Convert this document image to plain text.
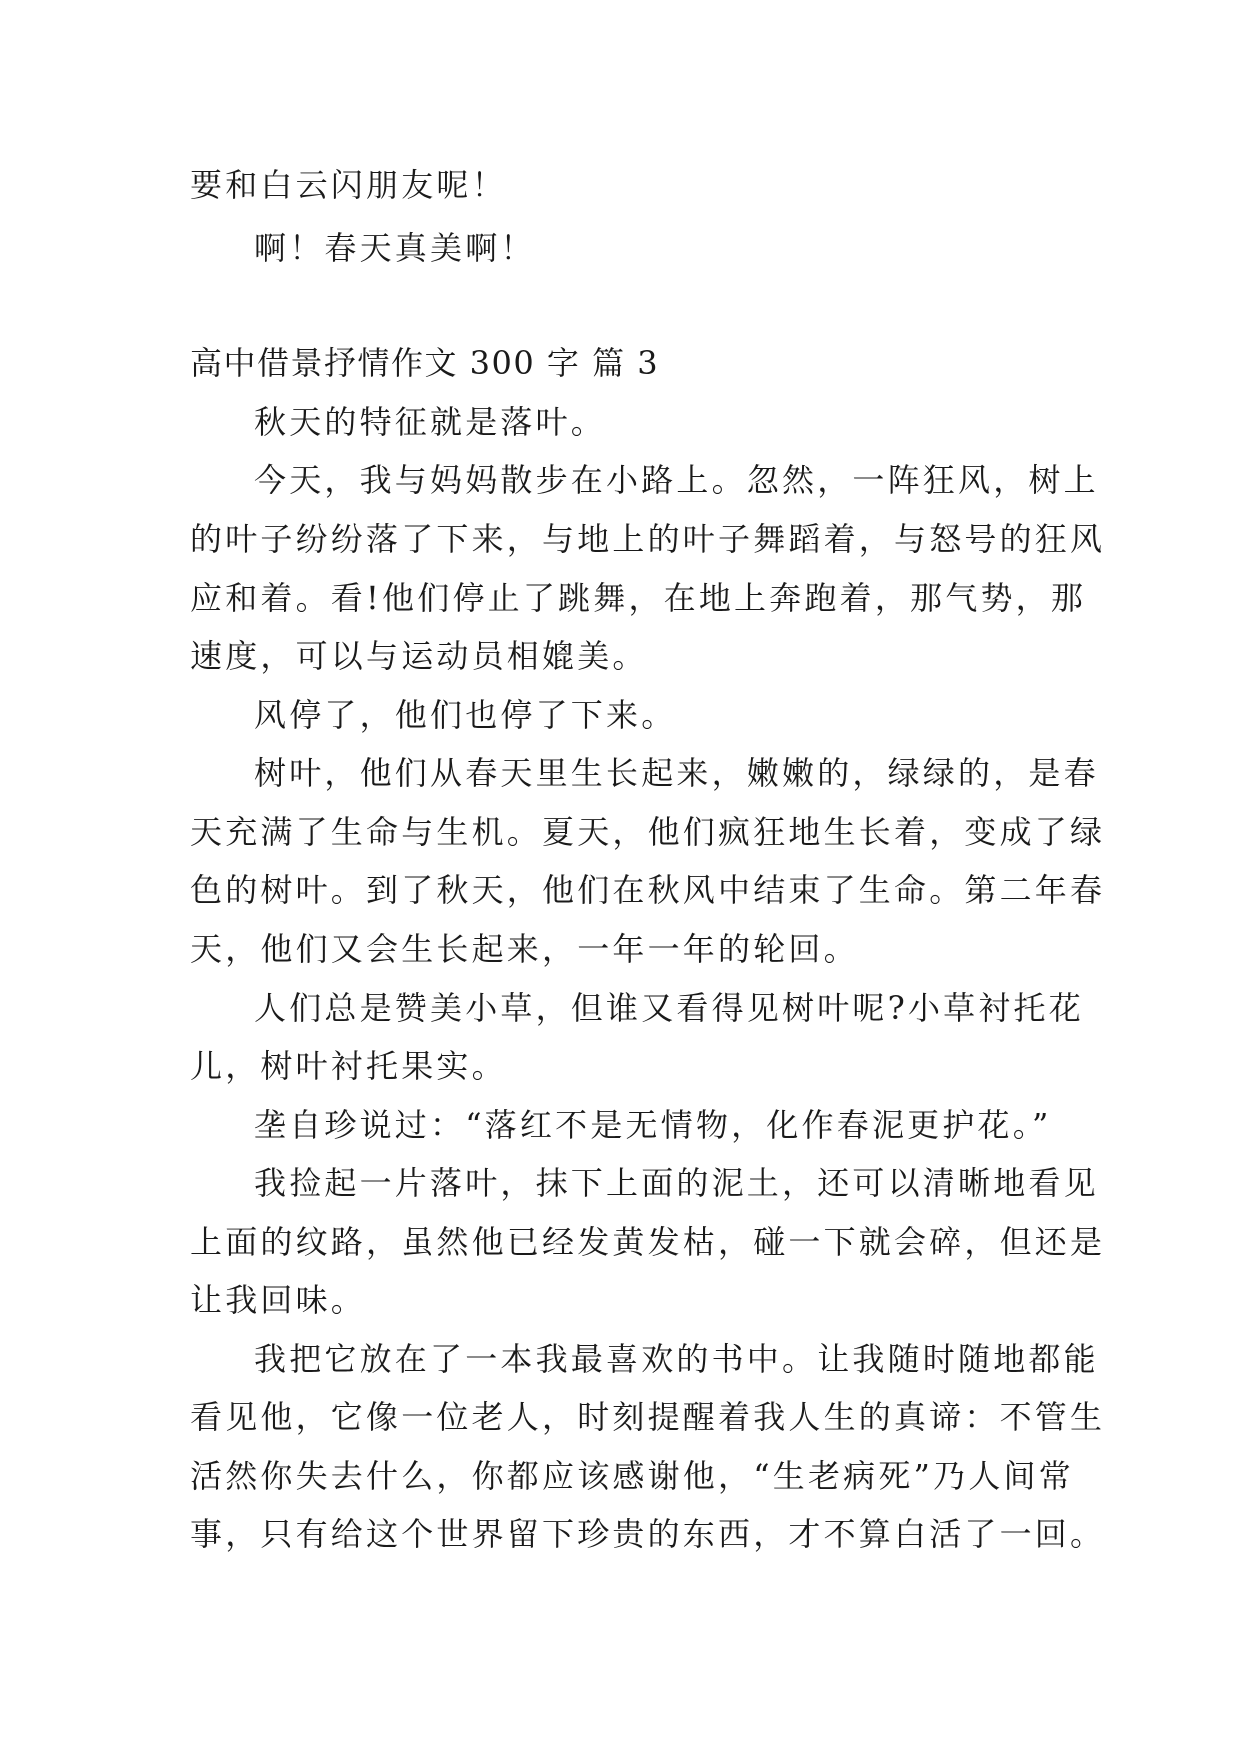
要和白云闪朋友呢！
啊！春天真美啊！
高中借景抒情作文 300 字 篇 3
秋天的特征就是落叶。
今天，我与妈妈散步在小路上。忽然，一阵狂风，树上
的叶子纷纷落了下来，与地上的叶子舞蹈着，与怒号的狂风
应和着。看!他们停止了跳舞，在地上奔跑着，那气势，那
速度，可以与运动员相媲美。
风停了，他们也停了下来。
树叶，他们从春天里生长起来，嫩嫩的，绿绿的，是春
天充满了生命与生机。夏天，他们疯狂地生长着，变成了绿
色的树叶。到了秋天，他们在秋风中结束了生命。第二年春
天，他们又会生长起来，一年一年的轮回。
人们总是赞美小草，但谁又看得见树叶呢?小草衬托花
儿，树叶衬托果实。
垄自珍说过：“落红不是无情物，化作春泥更护花。”
我捡起一片落叶，抹下上面的泥土，还可以清晰地看见
上面的纹路，虽然他已经发黄发枯，碰一下就会碎，但还是
让我回味。
我把它放在了一本我最喜欢的书中。让我随时随地都能
看见他，它像一位老人，时刻提醒着我人生的真谛：不管生
活然你失去什么，你都应该感谢他，“生老病死”乃人间常
事，只有给这个世界留下珍贵的东西，才不算白活了一回。
